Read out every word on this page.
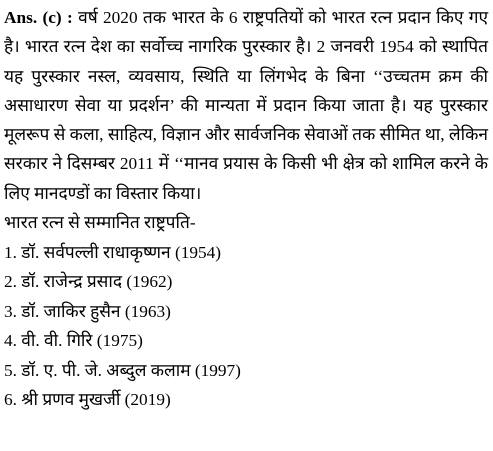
Ans. (c) : वर्ष 2020 तक भारत के 6 राष्ट्रपतियों को भारत रत्न प्रदान किए गए है। भारत रत्न देश का सर्वोच्च नागरिक पुरस्कार है। 2 जनवरी 1954 को स्थापित यह पुरस्कार नस्ल, व्यवसाय, स्थिति या लिंगभेद के बिना ‘‘उच्चतम क्रम की असाधारण सेवा या प्रदर्शन’ की मान्यता में प्रदान किया जाता है। यह पुरस्कार मूलरूप से कला, साहित्य, विज्ञान और सार्वजनिक सेवाओं तक सीमित था, लेकिन सरकार ने दिसम्बर 2011 में ‘‘मानव प्रयास के किसी भी क्षेत्र को शामिल करने के लिए मानदण्डों का विस्तार किया।

भारत रत्न से सम्मानित राष्ट्रपति-

1. डॉ. सर्वपल्ली राधाकृष्णन (1954)
2. डॉ. राजेन्द्र प्रसाद (1962)
3. डॉ. जाकिर हुसैन (1963)
4. वी. वी. गिरि (1975)
5. डॉ. ए. पी. जे. अब्दुल कलाम (1997)
6. श्री प्रणव मुखर्जी (2019)
